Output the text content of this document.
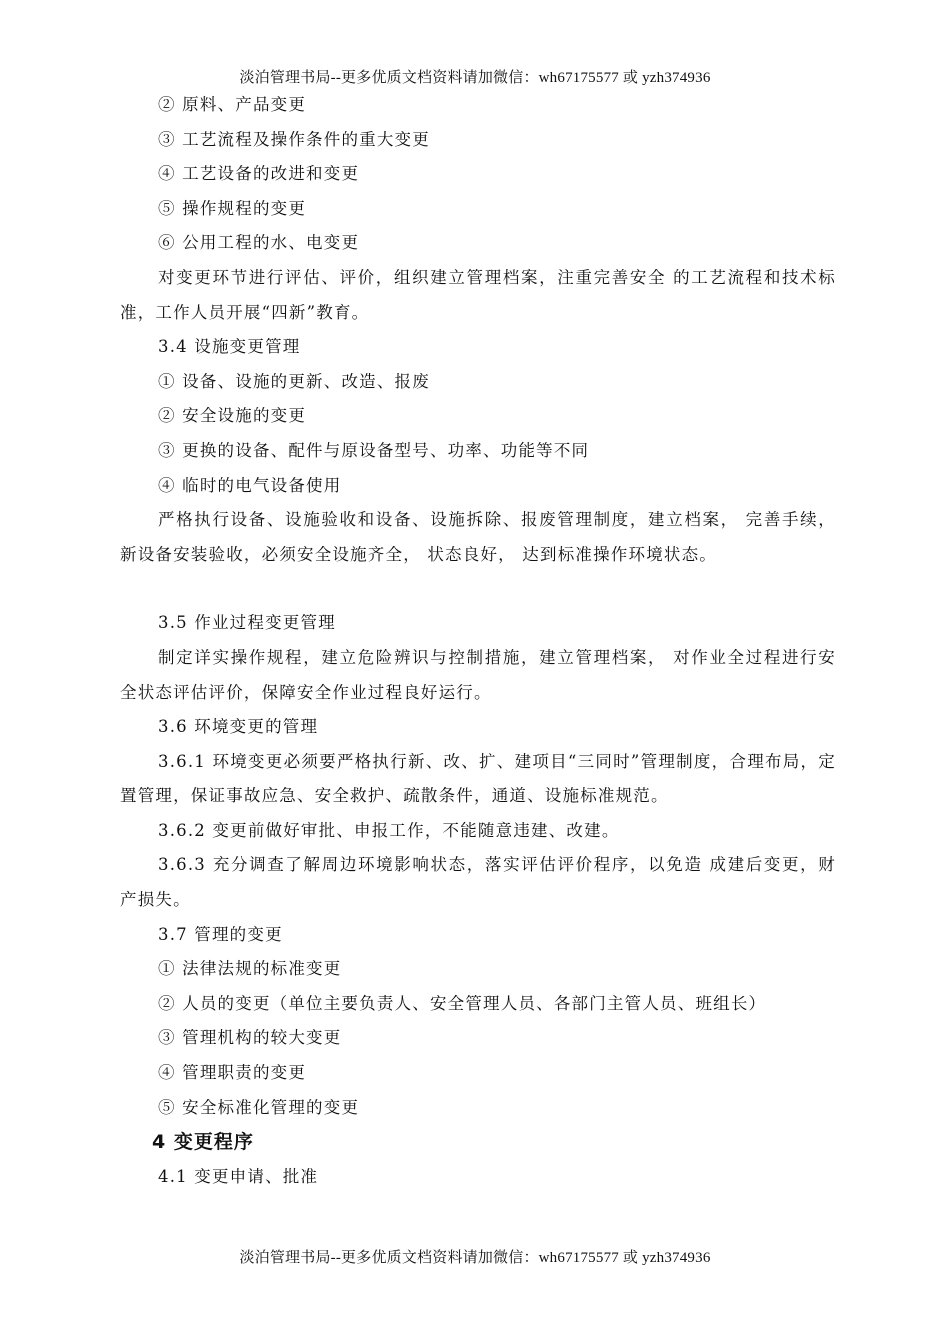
淡泊管理书局--更多优质文档资料请加微信：wh67175577 或 yzh374936
② 原料、产品变更
③ 工艺流程及操作条件的重大变更
④ 工艺设备的改进和变更
⑤ 操作规程的变更
⑥ 公用工程的水、电变更
对变更环节进行评估、评价，组织建立管理档案，注重完善安全 的工艺流程和技术标准，工作人员开展“四新”教育。
3.4 设施变更管理
① 设备、设施的更新、改造、报废
② 安全设施的变更
③ 更换的设备、配件与原设备型号、功率、功能等不同
④ 临时的电气设备使用
严格执行设备、设施验收和设备、设施拆除、报废管理制度，建立档案， 完善手续， 新设备安装验收，必须安全设施齐全， 状态良好， 达到标准操作环境状态。
3.5 作业过程变更管理
制定详实操作规程，建立危险辨识与控制措施，建立管理档案， 对作业全过程进行安全状态评估评价，保障安全作业过程良好运行。
3.6 环境变更的管理
3.6.1 环境变更必须要严格执行新、改、扩、建项目“三同时”管理制度，合理布局，定置管理，保证事故应急、安全救护、疏散条件，通道、设施标准规范。
3.6.2 变更前做好审批、申报工作，不能随意违建、改建。
3.6.3 充分调查了解周边环境影响状态，落实评估评价程序，以免造 成建后变更，财产损失。
3.7 管理的变更
① 法律法规的标准变更
② 人员的变更（单位主要负责人、安全管理人员、各部门主管人员、班组长）
③ 管理机构的较大变更
④ 管理职责的变更
⑤ 安全标准化管理的变更
4 变更程序
4.1 变更申请、批准
淡泊管理书局--更多优质文档资料请加微信：wh67175577 或 yzh374936
